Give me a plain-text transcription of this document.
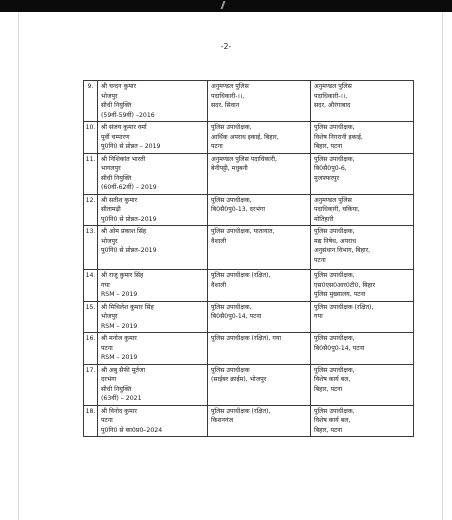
-2-
9.	श्री चन्दन कुमार
भोजपुर
सीधी नियुक्ति
(59वीं-59वीं) –2016	अनुमण्डल पुलिस
पदाधिकारी-।।,
सदर, सिवान	अनुमण्डल पुलिस
पदाधिकारी-।।,
सदर, औरंगाबाद

10.	श्री संजय कुमार वर्मा
पूर्वी चम्पारण
पु0नि0 से प्रोन्नत – 2019	पुलिस उपाधीक्षक,
आर्थिक अपराध इकाई, बिहार,
पटना	पुलिस उपाधीक्षक,
विशेष निगरानी इकाई,
बिहार, पटना

11.	श्री निशिकांत भारती
भागलपुर
सीधी नियुक्ति
(60वीं-62वीं) – 2019	अनुमण्डल पुलिस पदाधिकारी,
बेनीपट्टी, मधुबनी	पुलिस उपाधीक्षक,
बि0सै0पु0-6,
मुजफ्फरपुर

12.	श्री सतीश कुमार
सीतामढ़ी
पु0नि0 से प्रोन्नत–2019	पुलिस उपाधीक्षक,
बि0सै0पु0-13, दरभंगा	अनुमण्डल पुलिस
पदाधिकारी, चकिया,
मोतिहारी

13.	श्री ओम प्रकाश सिंह
भोजपुर
पु0नि0 से प्रोन्नत–2019	पुलिस उपाधीक्षक, यातायात,
वैशाली	पुलिस उपाधीक्षक,
मद्य निषेध, अपराध
अनुसंधान विभाग, बिहार,
पटना

14.	श्री राजू कुमार सिंह
गया
RSM – 2019	पुलिस उपाधीक्षक (रक्षित),
वैशाली	पुलिस उपाधीक्षक,
एस0एस0आर0टी0, बिहार
पुलिस मुख्यालय, पटना

15.	श्री मिथिलेश कुमार सिंह
भोजपुर
RSM – 2019	पुलिस उपाधीक्षक,
बि0सै0पु0-14, पटना	पुलिस उपाधीक्षक (रक्षित),
गया

16.	श्री मनोज कुमार
पटना
RSM – 2019	पुलिस उपाधीक्षक (रक्षित), गया	पुलिस उपाधीक्षक,
बि0सै0पु0-14, पटना

17.	श्री अबु सैफी मूर्तजा
दरभंगा
सीधी नियुक्ति
(63वीं) – 2021	पुलिस उपाधीक्षक
(साईबर क्राईम), भोजपुर	पुलिस उपाधीक्षक,
विशेष कार्य बल,
बिहार, पटना

18.	श्री विनोद कुमार
पटना
पु0नि0 से का0प्र0–2024	पुलिस उपाधीक्षक (रक्षित),
किशनगंज	पुलिस उपाधीक्षक,
विशेष कार्य बल,
बिहार, पटना
